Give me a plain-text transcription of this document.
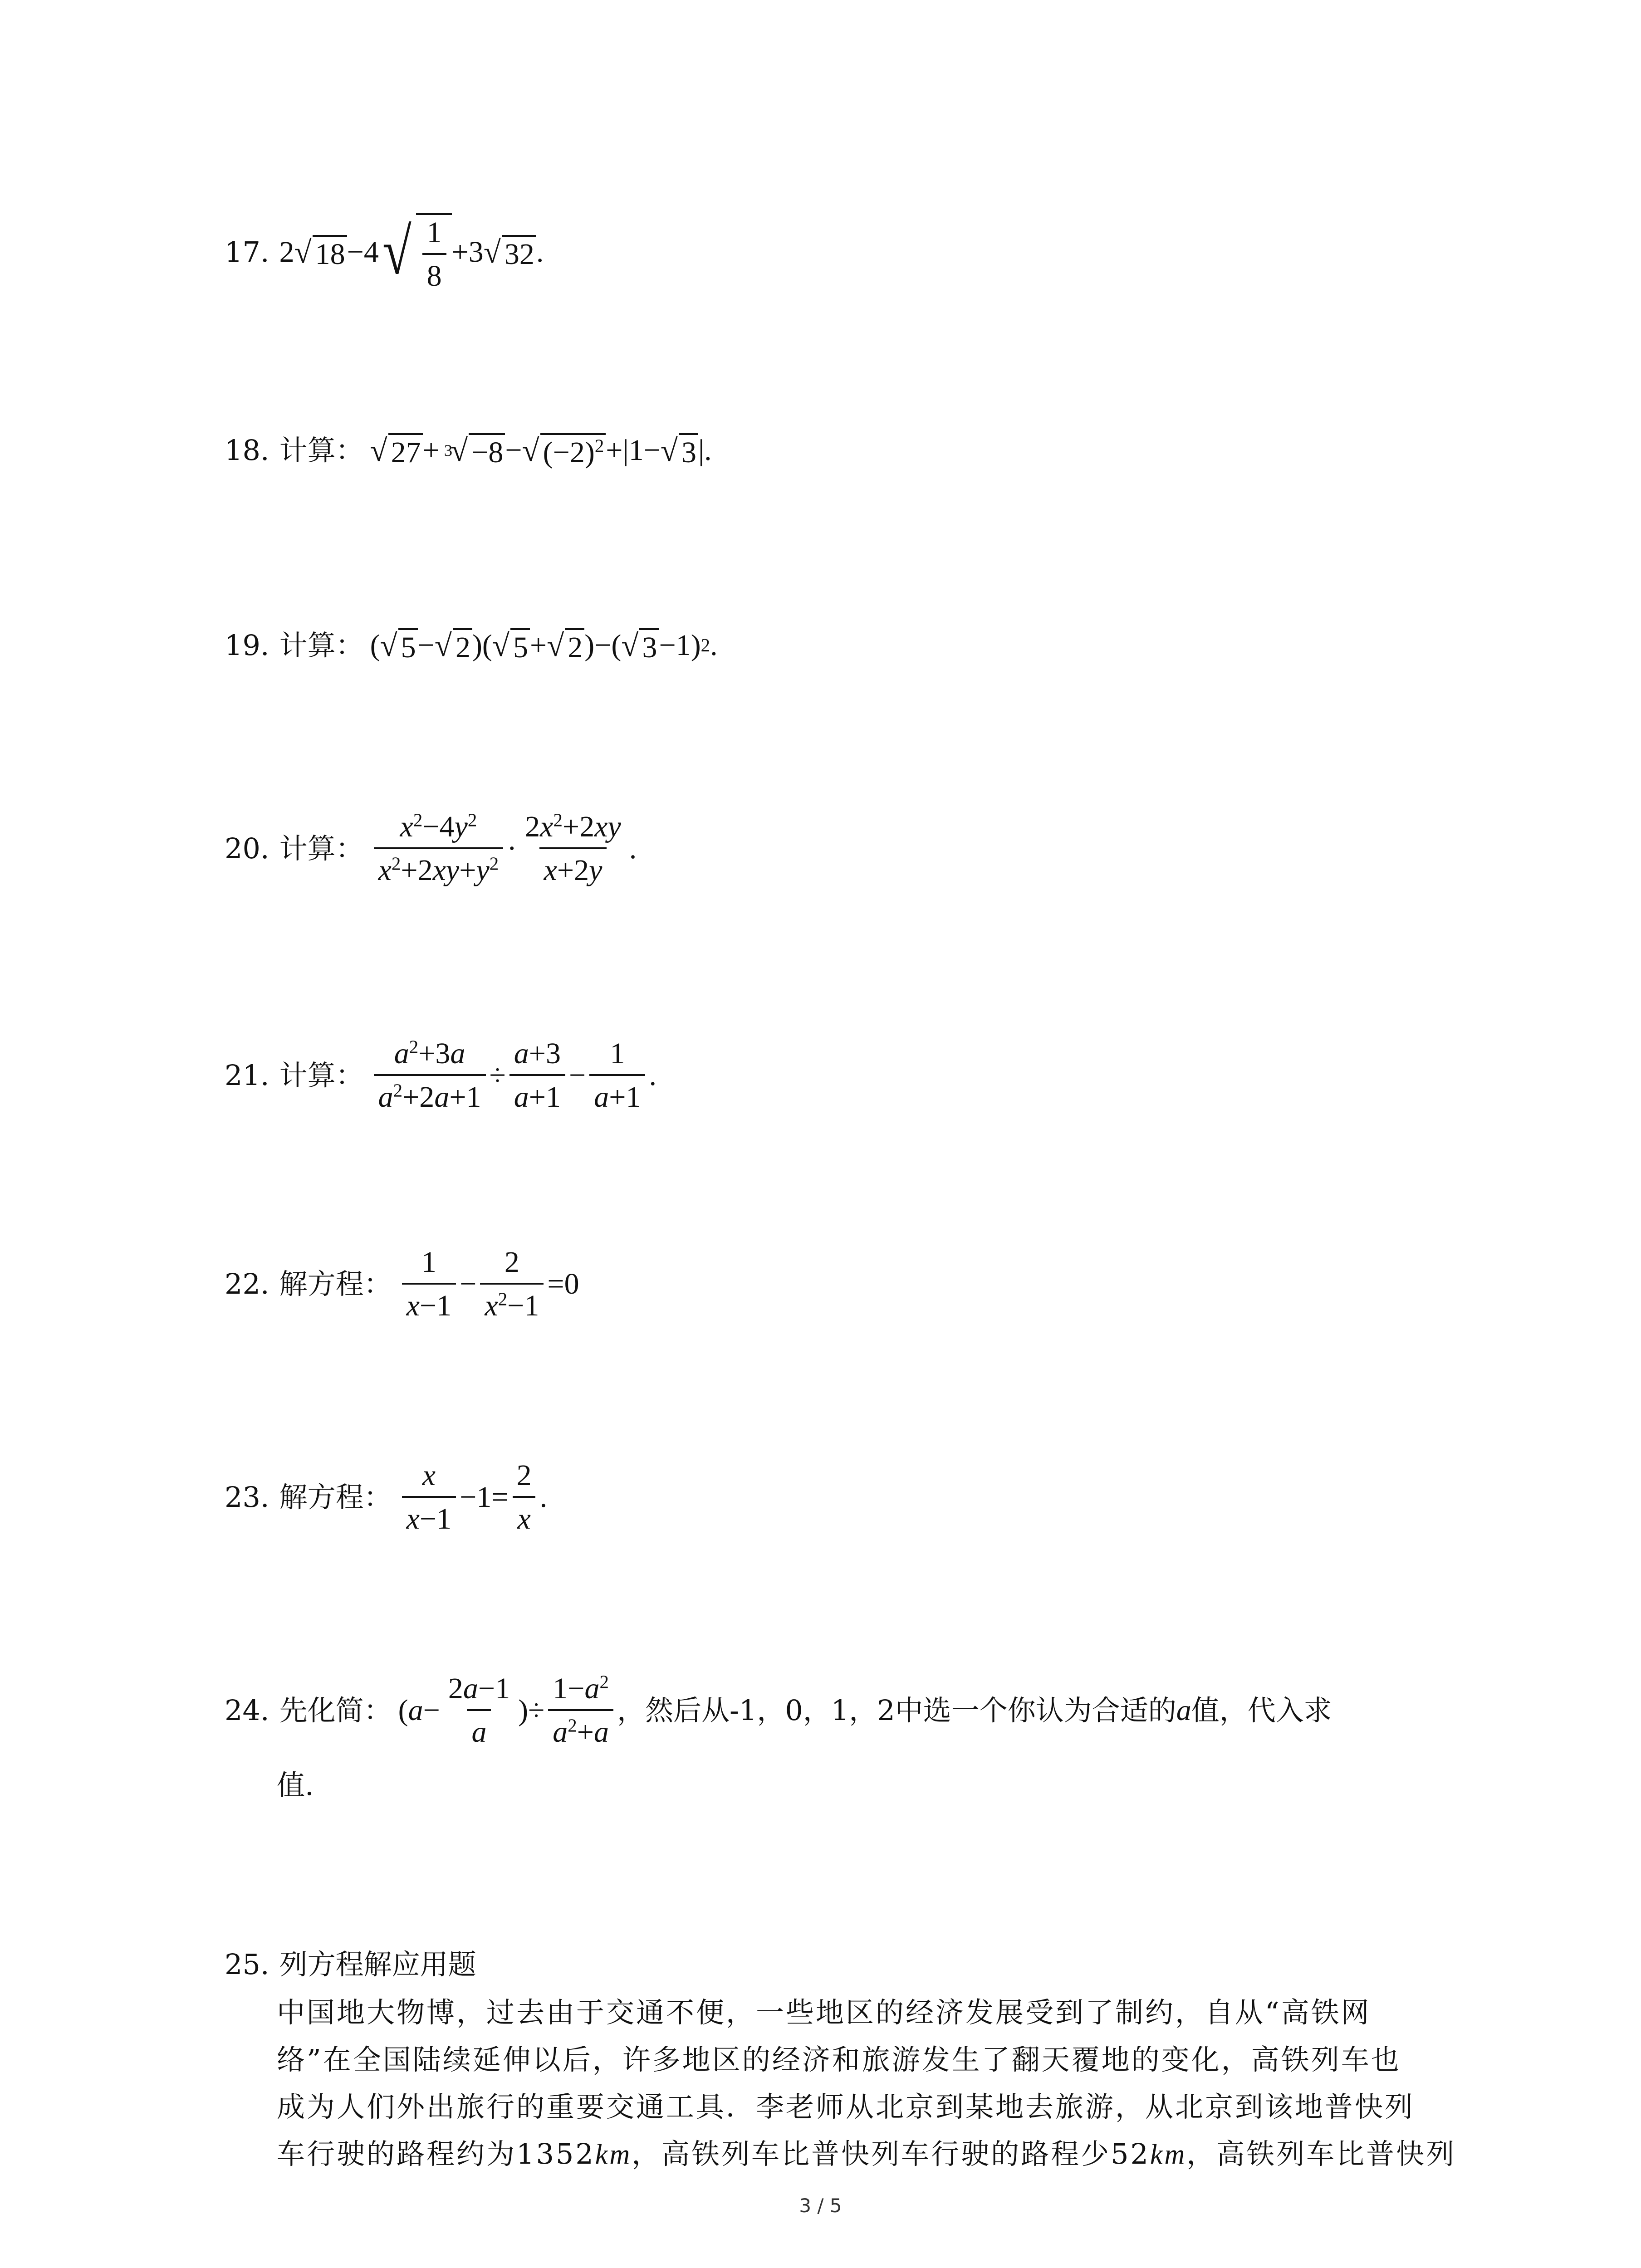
17. 2 √ 18 −4 √ $\frac{1}{8} +3$ √ 32 .
18. 计算： √ 27 + 3
√ −8 − √ $(-2)^2 +|1-$ √ 3 |.
19. 计算： ( √ 5 − √ 2 )( √ 5 + √ 2 )−( √ 3 −1) 2 .
20. 计算： $\frac{x^2-4y^2}{x^2+2xy+y^2} \cdot \frac{2x^2+2xy}{x+2y}$ .
21. 计算： $\frac{a^2+3a}{a^2+2a+1} \div \frac{a+3}{a+1} - \frac{1}{a+1}$ .
22. 解方程： $\frac{1}{x-1} - \frac{2}{x^2-1} =0$
23. 解方程： $\frac{x}{x-1} -1= \frac{2}{x}$ .
24. 先化简： ( $a - \frac{2a-1}{a}$ )÷ $\frac{1-a^2}{a^2+a}$ ，然后从-1，0，1，2中选一个你认为合适的 a 值，代入求
值.
25. 列方程解应用题
中国地大物博，过去由于交通不便，一些地区的经济发展受到了制约，自从“高铁网
络”在全国陆续延伸以后，许多地区的经济和旅游发生了翻天覆地的变化，高铁列车也
成为人们外出旅行的重要交通工具．李老师从北京到某地去旅游，从北京到该地普快列
车行驶的路程约为1352km，高铁列车比普快列车行驶的路程少52km，高铁列车比普快列
3 / 5
